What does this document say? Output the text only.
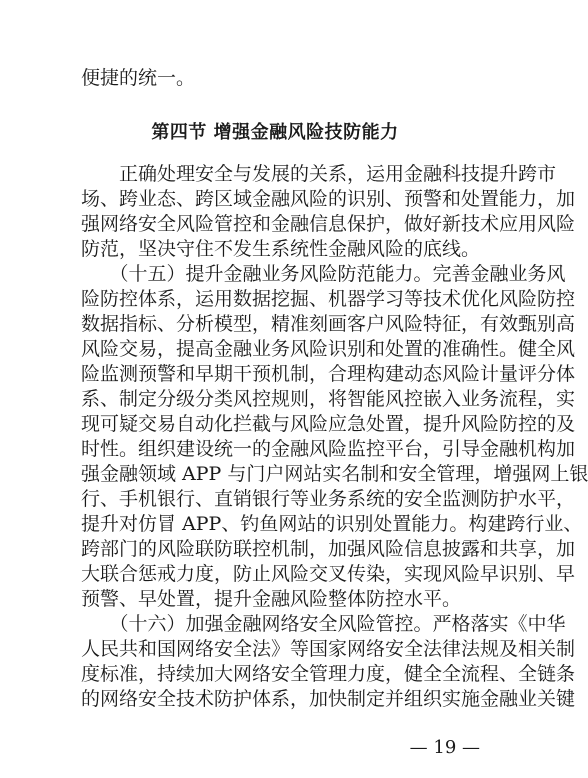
便捷的统一。
第四节 增强金融风险技防能力
　　正确处理安全与发展的关系，运用金融科技提升跨市
场、跨业态、跨区域金融风险的识别、预警和处置能力，加
强网络安全风险管控和金融信息保护，做好新技术应用风险
防范，坚决守住不发生系统性金融风险的底线。
　　（十五）提升金融业务风险防范能力。完善金融业务风
险防控体系，运用数据挖掘、机器学习等技术优化风险防控
数据指标、分析模型，精准刻画客户风险特征，有效甄别高
风险交易，提高金融业务风险识别和处置的准确性。健全风
险监测预警和早期干预机制，合理构建动态风险计量评分体
系、制定分级分类风控规则，将智能风控嵌入业务流程，实
现可疑交易自动化拦截与风险应急处置，提升风险防控的及
时性。组织建设统一的金融风险监控平台，引导金融机构加
强金融领域 APP 与门户网站实名制和安全管理，增强网上银
行、手机银行、直销银行等业务系统的安全监测防护水平，
提升对仿冒 APP、钓鱼网站的识别处置能力。构建跨行业、
跨部门的风险联防联控机制，加强风险信息披露和共享，加
大联合惩戒力度，防止风险交叉传染，实现风险早识别、早
预警、早处置，提升金融风险整体防控水平。
　　（十六）加强金融网络安全风险管控。严格落实《中华
人民共和国网络安全法》等国家网络安全法律法规及相关制
度标准，持续加大网络安全管理力度，健全全流程、全链条
的网络安全技术防护体系，加快制定并组织实施金融业关键
— 19 —
